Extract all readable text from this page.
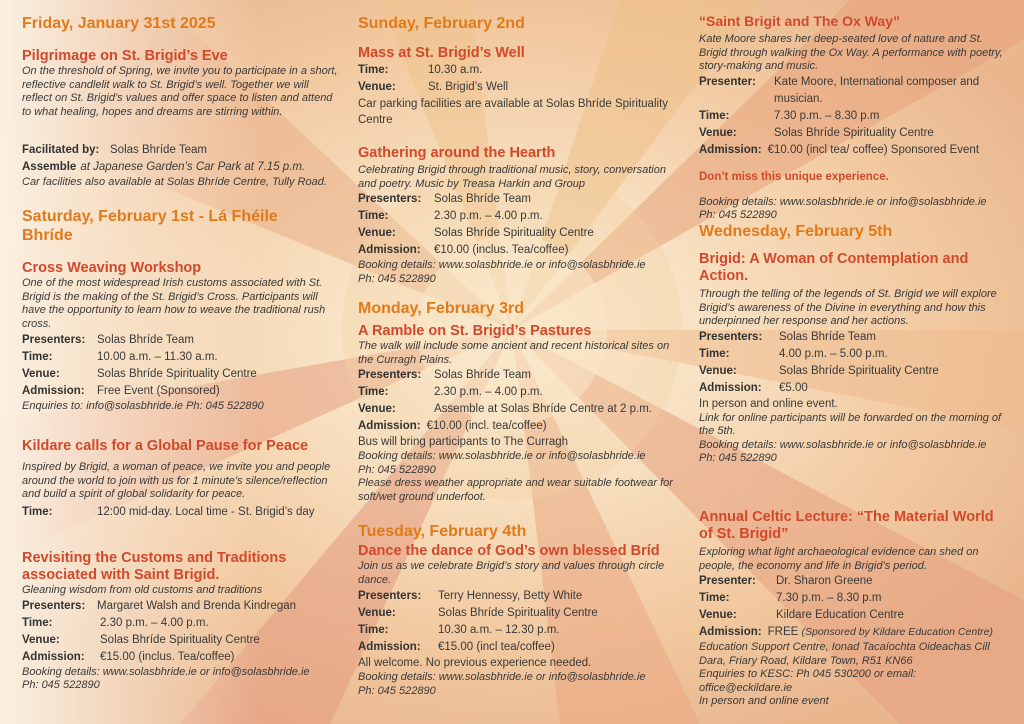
Friday, January 31st 2025

Pilgrimage on St. Brigid’s Eve

On the threshold of Spring, we invite you to participate in a short, reflective candlelit walk to St. Brigid’s well. Together we will reflect on St. Brigid’s values and offer space to listen and attend to what healing, hopes and dreams are stirring within.

Facilitated by: Solas Bhríde Team
Assemble at Japanese Garden’s Car Park at 7.15 p.m.

Car facilities also available at Solas Bhríde Centre, Tully Road.

Saturday, February 1st - Lá Fhéile

Bhríde

Cross Weaving Workshop

One of the most widespread Irish customs associated with St. Brigid is the making of the St. Brigid’s Cross. Participants will have the opportunity to learn how to weave the traditional rush cross.

Presenters:	Solas Bhríde Team
Time:	10.00 a.m. – 11.30 a.m.
Venue:	Solas Bhríde Spirituality Centre
Admission:	Free Event (Sponsored)

Enquiries to: info@solasbhride.ie Ph: 045 522890

Kildare calls for a Global Pause for Peace

Inspired by Brigid, a woman of peace, we invite you and people around the world to join with us for 1 minute’s silence/reflection and build a spirit of global solidarity for peace.

Time:	12:00 mid-day. Local time - St. Brigid’s day

Revisiting the Customs and Traditions

associated with Saint Brigid.

Gleaning wisdom from old customs and traditions

Presenters:	Margaret Walsh and Brenda Kindregan
Time:	2.30 p.m. – 4.00 p.m.
Venue:	Solas Bhríde Spirituality Centre
Admission:	€15.00 (inclus. Tea/coffee)

Booking details: www.solasbhride.ie or info@solasbhride.ie

Ph: 045 522890

Sunday, February 2nd

Mass at St. Brigid’s Well

Time:	10.30 a.m.
Venue:	St. Brigid’s Well

Car parking facilities are available at Solas Bhríde Spirituality Centre

Gathering around the Hearth

Celebrating Brigid through traditional music, story, conversation and poetry. Music by Treasa Harkin and Group

Presenters:	Solas Bhríde Team
Time:	2.30 p.m. – 4.00 p.m.
Venue:	Solas Bhríde Spirituality Centre
Admission:	€10.00 (inclus. Tea/coffee)

Booking details: www.solasbhride.ie or info@solasbhride.ie

Ph: 045 522890

Monday, February 3rd

A Ramble on St. Brigid’s Pastures

The walk will include some ancient and recent historical sites on the Curragh Plains.

Presenters:	Solas Bhríde Team
Time:	2.30 p.m. – 4.00 p.m.
Venue:	Assemble at Solas Bhríde Centre at 2 p.m.
Admission: €10.00 (incl. tea/coffee)

Bus will bring participants to The Curragh

Booking details: www.solasbhride.ie or info@solasbhride.ie

Ph: 045 522890

Please dress weather appropriate and wear suitable footwear for soft/wet ground underfoot.

Tuesday, February 4th

Dance the dance of God’s own blessed Bríd

Join us as we celebrate Brigid’s story and values through circle dance.

Presenters:	Terry Hennessy, Betty White
Venue:	Solas Bhríde Spirituality Centre
Time:	10.30 a.m. – 12.30 p.m.
Admission:	€15.00 (incl tea/coffee)

All welcome. No previous experience needed.

Booking details: www.solasbhride.ie or info@solasbhride.ie

Ph: 045 522890

“Saint Brigit and The Ox Way”

Kate Moore shares her deep-seated love of nature and St. Brigid through walking the Ox Way. A performance with poetry, story-making and music.

Presenter:	Kate Moore, International composer and musician.
Time:	7.30 p.m. – 8.30 p.m
Venue:	Solas Bhríde Spirituality Centre
Admission: €10.00 (incl tea/ coffee) Sponsored Event

Don’t miss this unique experience.

Booking details: www.solasbhride.ie or info@solasbhride.ie

Ph: 045 522890

Wednesday, February 5th

Brigid: A Woman of Contemplation and

Action.

Through the telling of the legends of St. Brigid we will explore Brigid’s awareness of the Divine in everything and how this underpinned her response and her actions.

Presenters:	Solas Bhríde Team
Time:	4.00 p.m. – 5.00 p.m.
Venue:	Solas Bhríde Spirituality Centre
Admission:	€5.00

In person and online event.

Link for online participants will be forwarded on the morning of the 5th.

Booking details: www.solasbhride.ie or info@solasbhride.ie

Ph: 045 522890

Annual Celtic Lecture: “The Material World

of St. Brigid”

Exploring what light archaeological evidence can shed on people, the economy and life in Brigid’s period.

Presenter:	Dr. Sharon Greene
Time:	7.30 p.m. – 8.30 p.m
Venue:	Kildare Education Centre
Admission: FREE
(Sponsored by Kildare Education Centre)

Education Support Centre, Ionad Tacaíochta Oideachas Cill Dara, Friary Road, Kildare Town, R51 KN66

Enquiries to KESC: Ph 045 530200 or email: office@eckildare.ie

In person and online event
